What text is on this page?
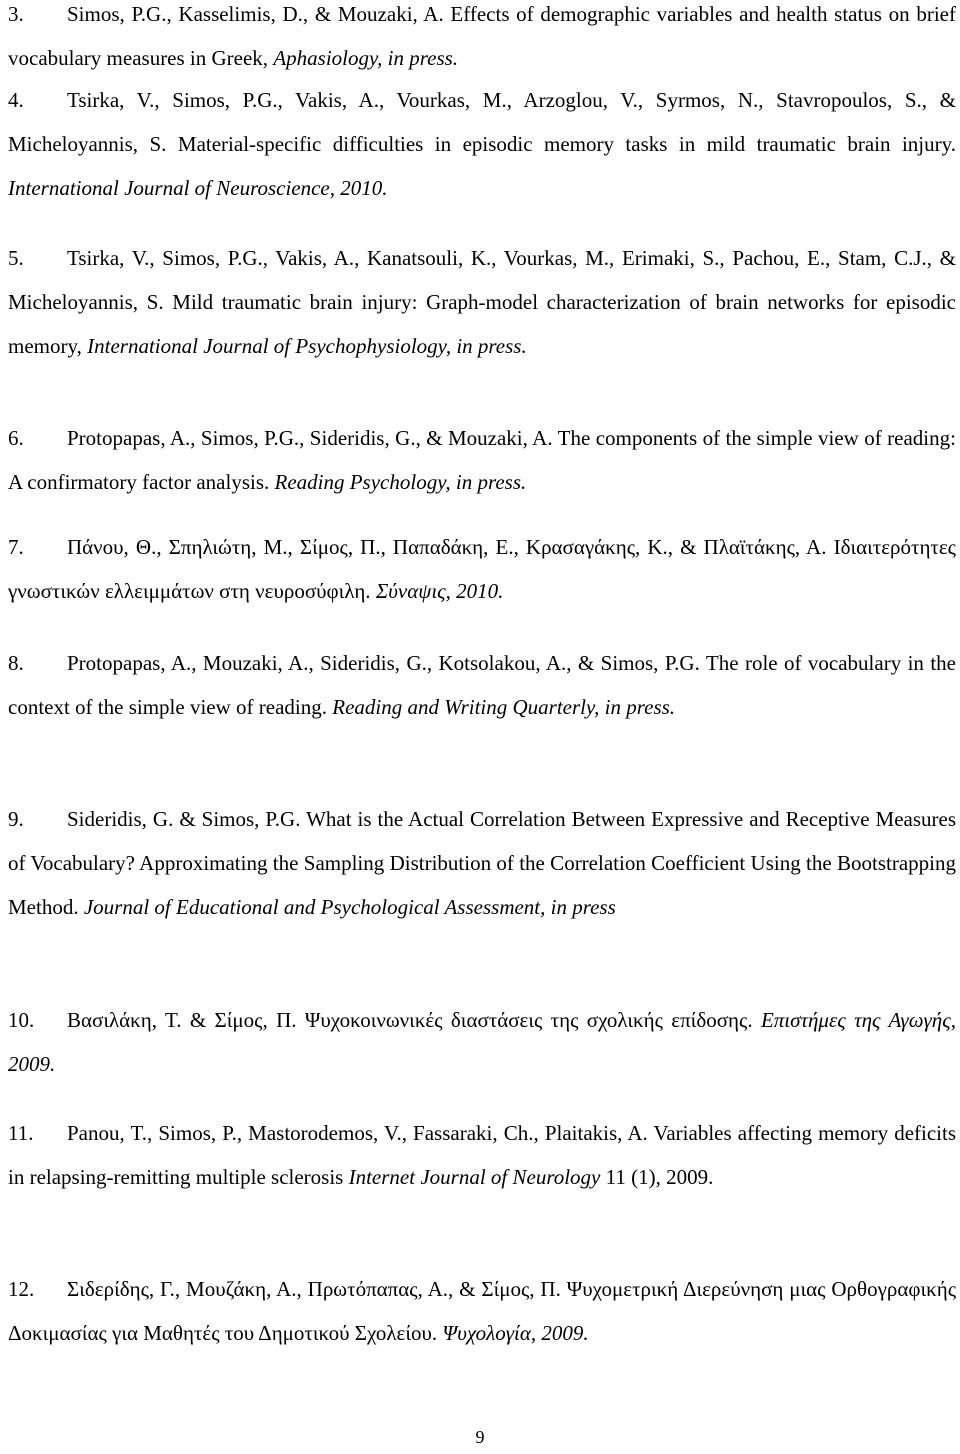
3. Simos, P.G., Kasselimis, D., & Mouzaki, A. Effects of demographic variables and health status on brief vocabulary measures in Greek, Aphasiology, in press.

4. Tsirka, V., Simos, P.G., Vakis, A., Vourkas, M., Arzoglou, V., Syrmos, N., Stavropoulos, S., & Micheloyannis, S. Material-specific difficulties in episodic memory tasks in mild traumatic brain injury. International Journal of Neuroscience, 2010.

5. Tsirka, V., Simos, P.G., Vakis, A., Kanatsouli, K., Vourkas, M., Erimaki, S., Pachou, E., Stam, C.J., & Micheloyannis, S. Mild traumatic brain injury: Graph-model characterization of brain networks for episodic memory, International Journal of Psychophysiology, in press.

6. Protopapas, A., Simos, P.G., Sideridis, G., & Mouzaki, A. The components of the simple view of reading: A confirmatory factor analysis. Reading Psychology, in press.

7. Πάνου, Θ., Σπηλιώτη, Μ., Σίμος, Π., Παπαδάκη, Ε., Κρασαγάκης, Κ., & Πλαϊτάκης, Α. Ιδιαιτερότητες γνωστικών ελλειμμάτων στη νευροσύφιλη. Σύναψις, 2010.

8. Protopapas, A., Mouzaki, A., Sideridis, G., Kotsolakou, A., & Simos, P.G. The role of vocabulary in the context of the simple view of reading. Reading and Writing Quarterly, in press.

9. Sideridis, G. & Simos, P.G. What is the Actual Correlation Between Expressive and Receptive Measures of Vocabulary? Approximating the Sampling Distribution of the Correlation Coefficient Using the Bootstrapping Method. Journal of Educational and Psychological Assessment, in press

10. Βασιλάκη, Τ. & Σίμος, Π. Ψυχοκοινωνικές διαστάσεις της σχολικής επίδοσης. Επιστήμες της Αγωγής, 2009.

11. Panou, T., Simos, P., Mastorodemos, V., Fassaraki, Ch., Plaitakis, A. Variables affecting memory deficits in relapsing-remitting multiple sclerosis Internet Journal of Neurology 11 (1), 2009.

12. Σιδερίδης, Γ., Μουζάκη, Α., Πρωτόπαπας, Α., & Σίμος, Π. Ψυχομετρική Διερεύνηση μιας Ορθογραφικής Δοκιμασίας για Μαθητές του Δημοτικού Σχολείου. Ψυχολογία, 2009.

9
